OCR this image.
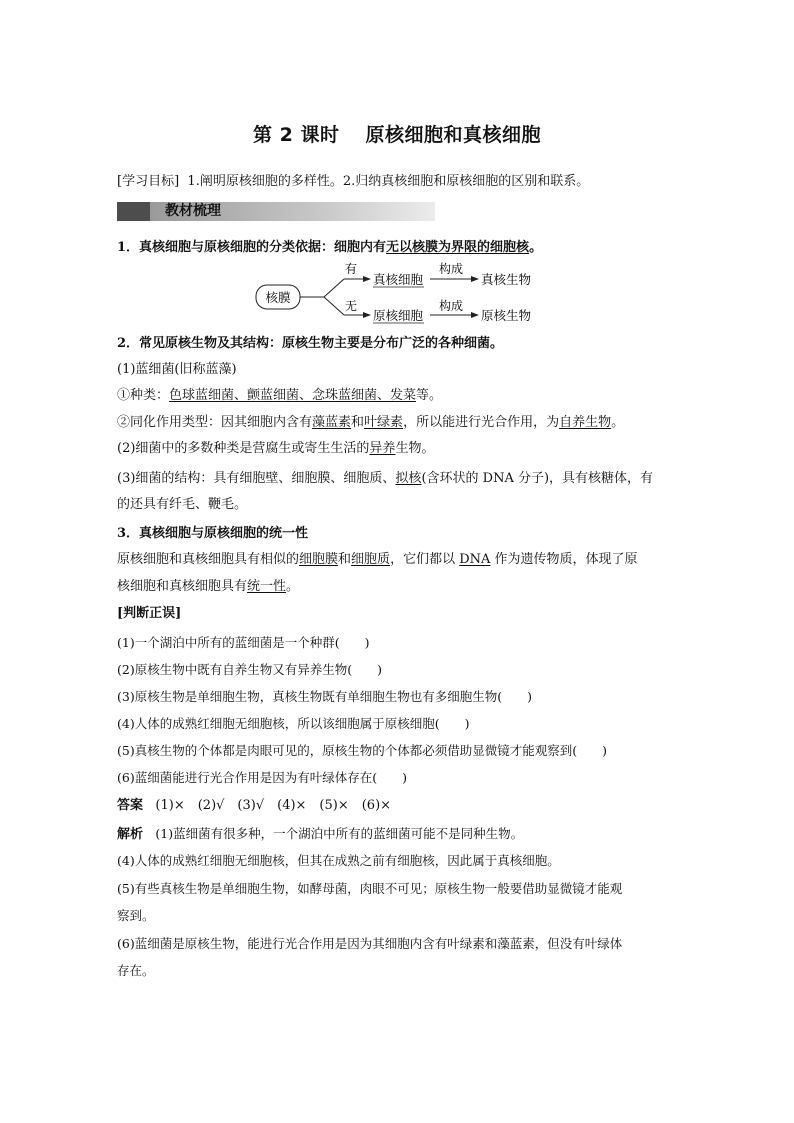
第 2 课时 原核细胞和真核细胞
[学习目标] 1.阐明原核细胞的多样性。2.归纳真核细胞和原核细胞的区别和联系。
教材梳理
1．真核细胞与原核细胞的分类依据：细胞内有无以核膜为界限的细胞核。
核膜
有
无
真核细胞
构成
真核生物
原核细胞
构成
原核生物
2．常见原核生物及其结构：原核生物主要是分布广泛的各种细菌。
(1)蓝细菌(旧称蓝藻)
①种类：色球蓝细菌、颤蓝细菌、念珠蓝细菌、发菜等。
②同化作用类型：因其细胞内含有藻蓝素和叶绿素，所以能进行光合作用，为自养生物。
(2)细菌中的多数种类是营腐生或寄生生活的异养生物。
(3)细菌的结构：具有细胞壁、细胞膜、细胞质、拟核(含环状的 DNA 分子)，具有核糖体，有
的还具有纤毛、鞭毛。
3．真核细胞与原核细胞的统一性
原核细胞和真核细胞具有相似的细胞膜和细胞质，它们都以 DNA 作为遗传物质，体现了原
核细胞和真核细胞具有统一性。
[判断正误]
(1)一个湖泊中所有的蓝细菌是一个种群(　　)
(2)原核生物中既有自养生物又有异养生物(　　)
(3)原核生物是单细胞生物，真核生物既有单细胞生物也有多细胞生物(　　)
(4)人体的成熟红细胞无细胞核，所以该细胞属于原核细胞(　　)
(5)真核生物的个体都是肉眼可见的，原核生物的个体都必须借助显微镜才能观察到(　　)
(6)蓝细菌能进行光合作用是因为有叶绿体存在(　　)
答案 (1)×　(2)√　(3)√　(4)×　(5)×　(6)×
解析 (1)蓝细菌有很多种，一个湖泊中所有的蓝细菌可能不是同种生物。
(4)人体的成熟红细胞无细胞核，但其在成熟之前有细胞核，因此属于真核细胞。
(5)有些真核生物是单细胞生物，如酵母菌，肉眼不可见；原核生物一般要借助显微镜才能观
察到。
(6)蓝细菌是原核生物，能进行光合作用是因为其细胞内含有叶绿素和藻蓝素，但没有叶绿体
存在。
